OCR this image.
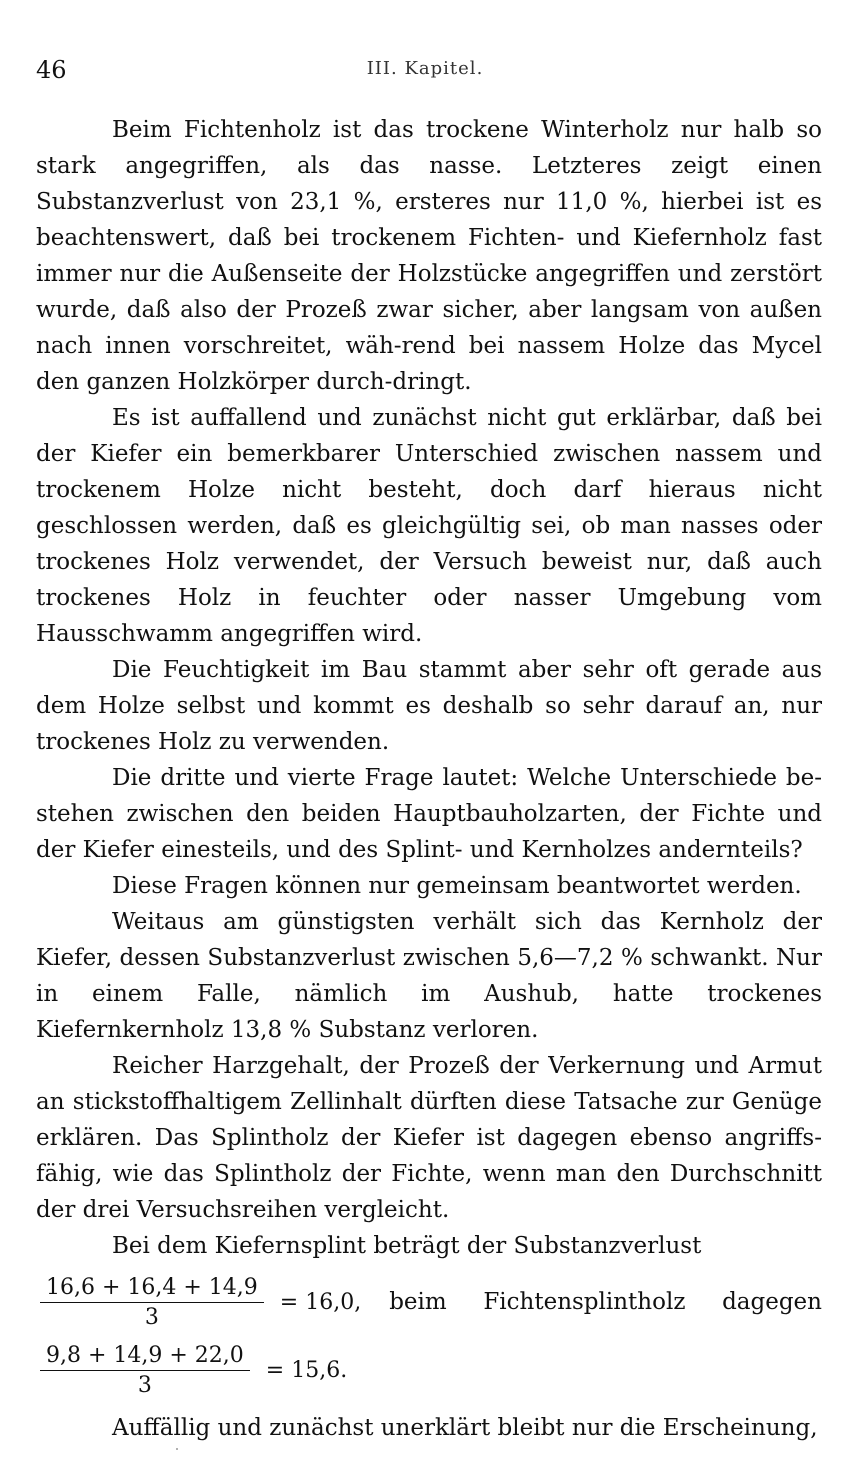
46	III. Kapitel.

Beim Fichtenholz ist das trockene Winterholz nur halb so stark angegriffen, als das nasse. Letzteres zeigt einen Substanzverlust von 23,1 %, ersteres nur 11,0 %, hierbei ist es beachtenswert, daß bei trockenem Fichten- und Kiefernholz fast immer nur die Außenseite der Holzstücke angegriffen und zerstört wurde, daß also der Prozeß zwar sicher, aber langsam von außen nach innen vorschreitet, wäh-rend bei nassem Holze das Mycel den ganzen Holzkörper durch-dringt.

Es ist auffallend und zunächst nicht gut erklärbar, daß bei der Kiefer ein bemerkbarer Unterschied zwischen nassem und trockenem Holze nicht besteht, doch darf hieraus nicht geschlossen werden, daß es gleichgültig sei, ob man nasses oder trockenes Holz verwendet, der Versuch beweist nur, daß auch trockenes Holz in feuchter oder nasser Umgebung vom Hausschwamm angegriffen wird.

Die Feuchtigkeit im Bau stammt aber sehr oft gerade aus dem Holze selbst und kommt es deshalb so sehr darauf an, nur trockenes Holz zu verwenden.

Die dritte und vierte Frage lautet: Welche Unterschiede be-stehen zwischen den beiden Hauptbauholzarten, der Fichte und der Kiefer einesteils, und des Splint- und Kernholzes andernteils?

Diese Fragen können nur gemeinsam beantwortet werden.

Weitaus am günstigsten verhält sich das Kernholz der Kiefer, dessen Substanzverlust zwischen 5,6—7,2 % schwankt. Nur in einem Falle, nämlich im Aushub, hatte trockenes Kiefernkernholz 13,8 % Substanz verloren.

Reicher Harzgehalt, der Prozeß der Verkernung und Armut an stickstoffhaltigem Zellinhalt dürften diese Tatsache zur Genüge erklären. Das Splintholz der Kiefer ist dagegen ebenso angriffs-fähig, wie das Splintholz der Fichte, wenn man den Durchschnitt der drei Versuchsreihen vergleicht.

Bei dem Kiefernsplint beträgt der Substanzverlust

$\frac{16,6 + 16,4 + 14,9}{3} = 16,0$, beim Fichtensplintholz dagegen
$\frac{9,8 + 14,9 + 22,0}{3} = 15,6$.

Auffällig und zunächst unerklärt bleibt nur die Erscheinung,
